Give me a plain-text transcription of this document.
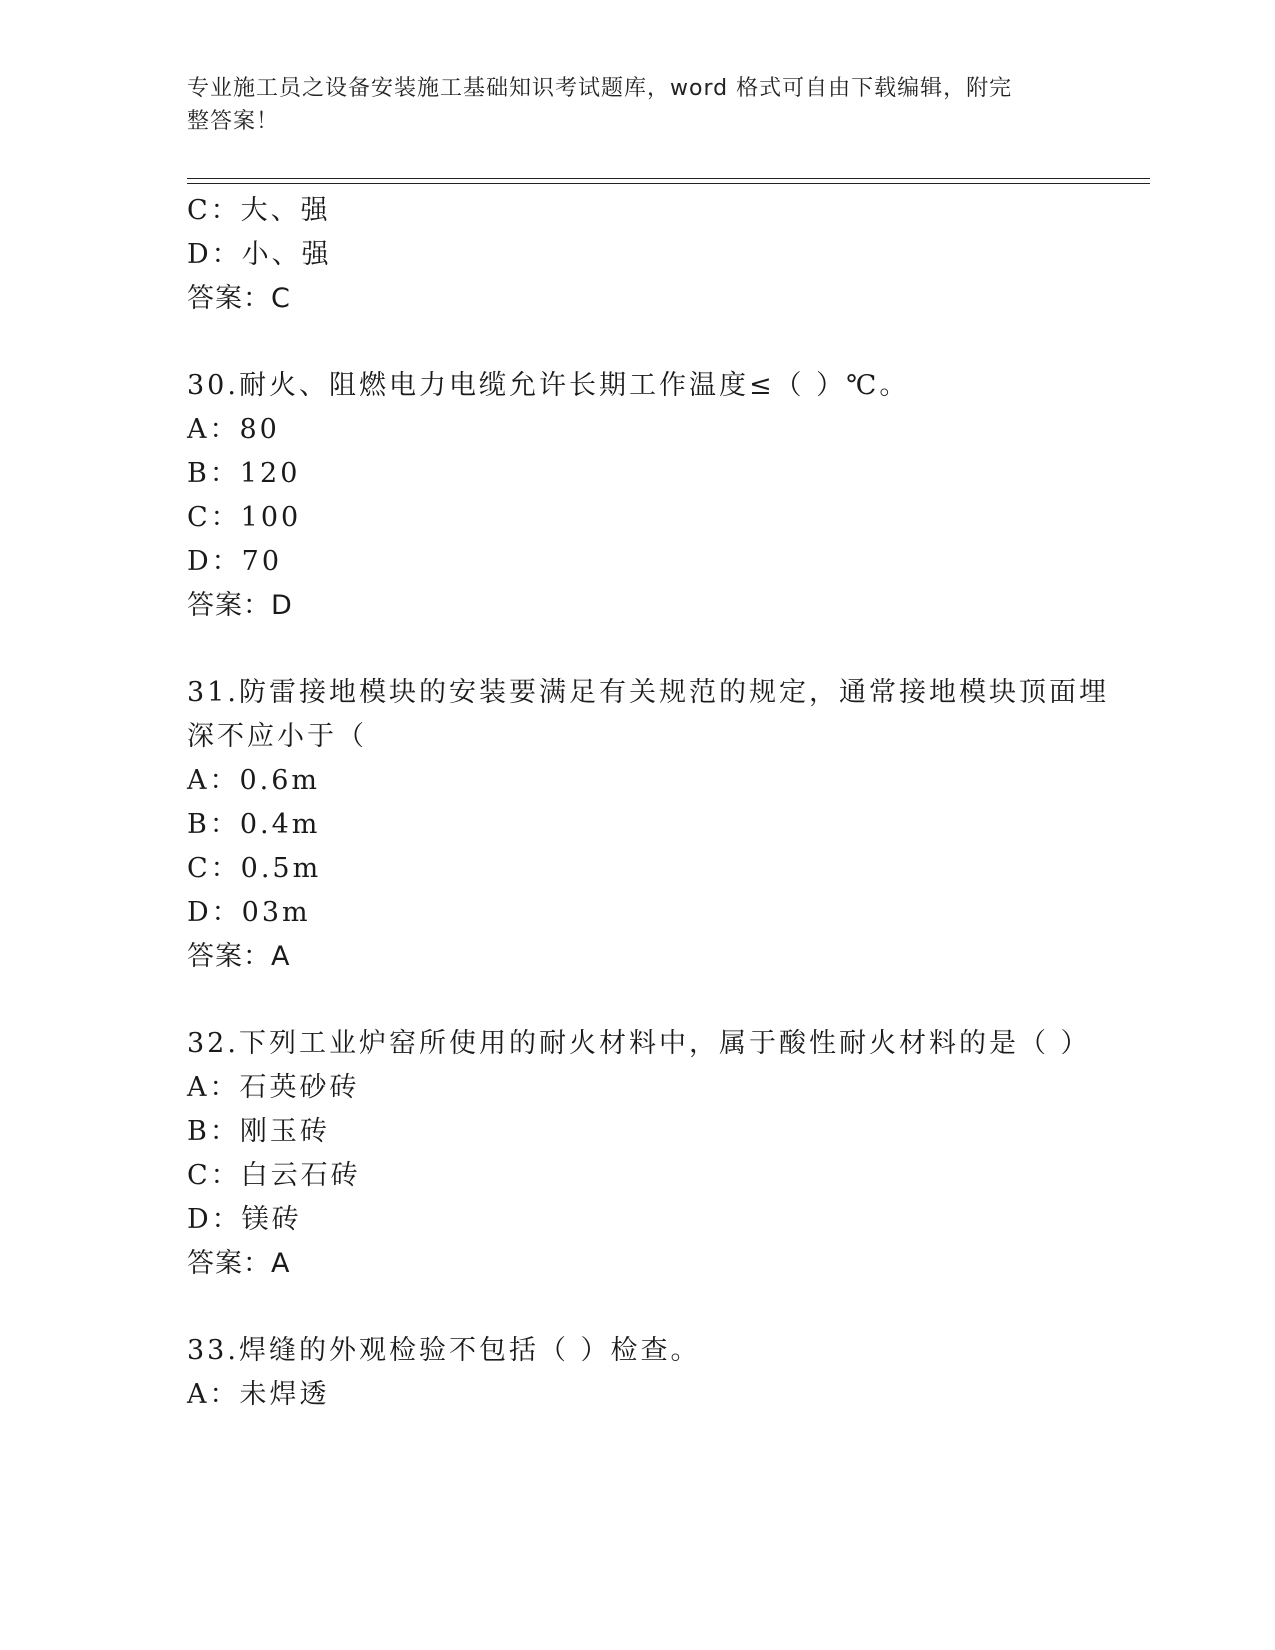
专业施工员之设备安装施工基础知识考试题库，word 格式可自由下载编辑，附完
整答案！
C：大、强
D：小、强
答案：C
30.耐火、阻燃电力电缆允许长期工作温度≤（ ）℃。
A：80
B：120
C：100
D：70
答案：D
31.防雷接地模块的安装要满足有关规范的规定，通常接地模块顶面埋
深不应小于（
A：0.6m
B：0.4m
C：0.5m
D：03m
答案：A
32.下列工业炉窑所使用的耐火材料中，属于酸性耐火材料的是（ ）
A：石英砂砖
B：刚玉砖
C：白云石砖
D：镁砖
答案：A
33.焊缝的外观检验不包括（ ）检查。
A：未焊透
